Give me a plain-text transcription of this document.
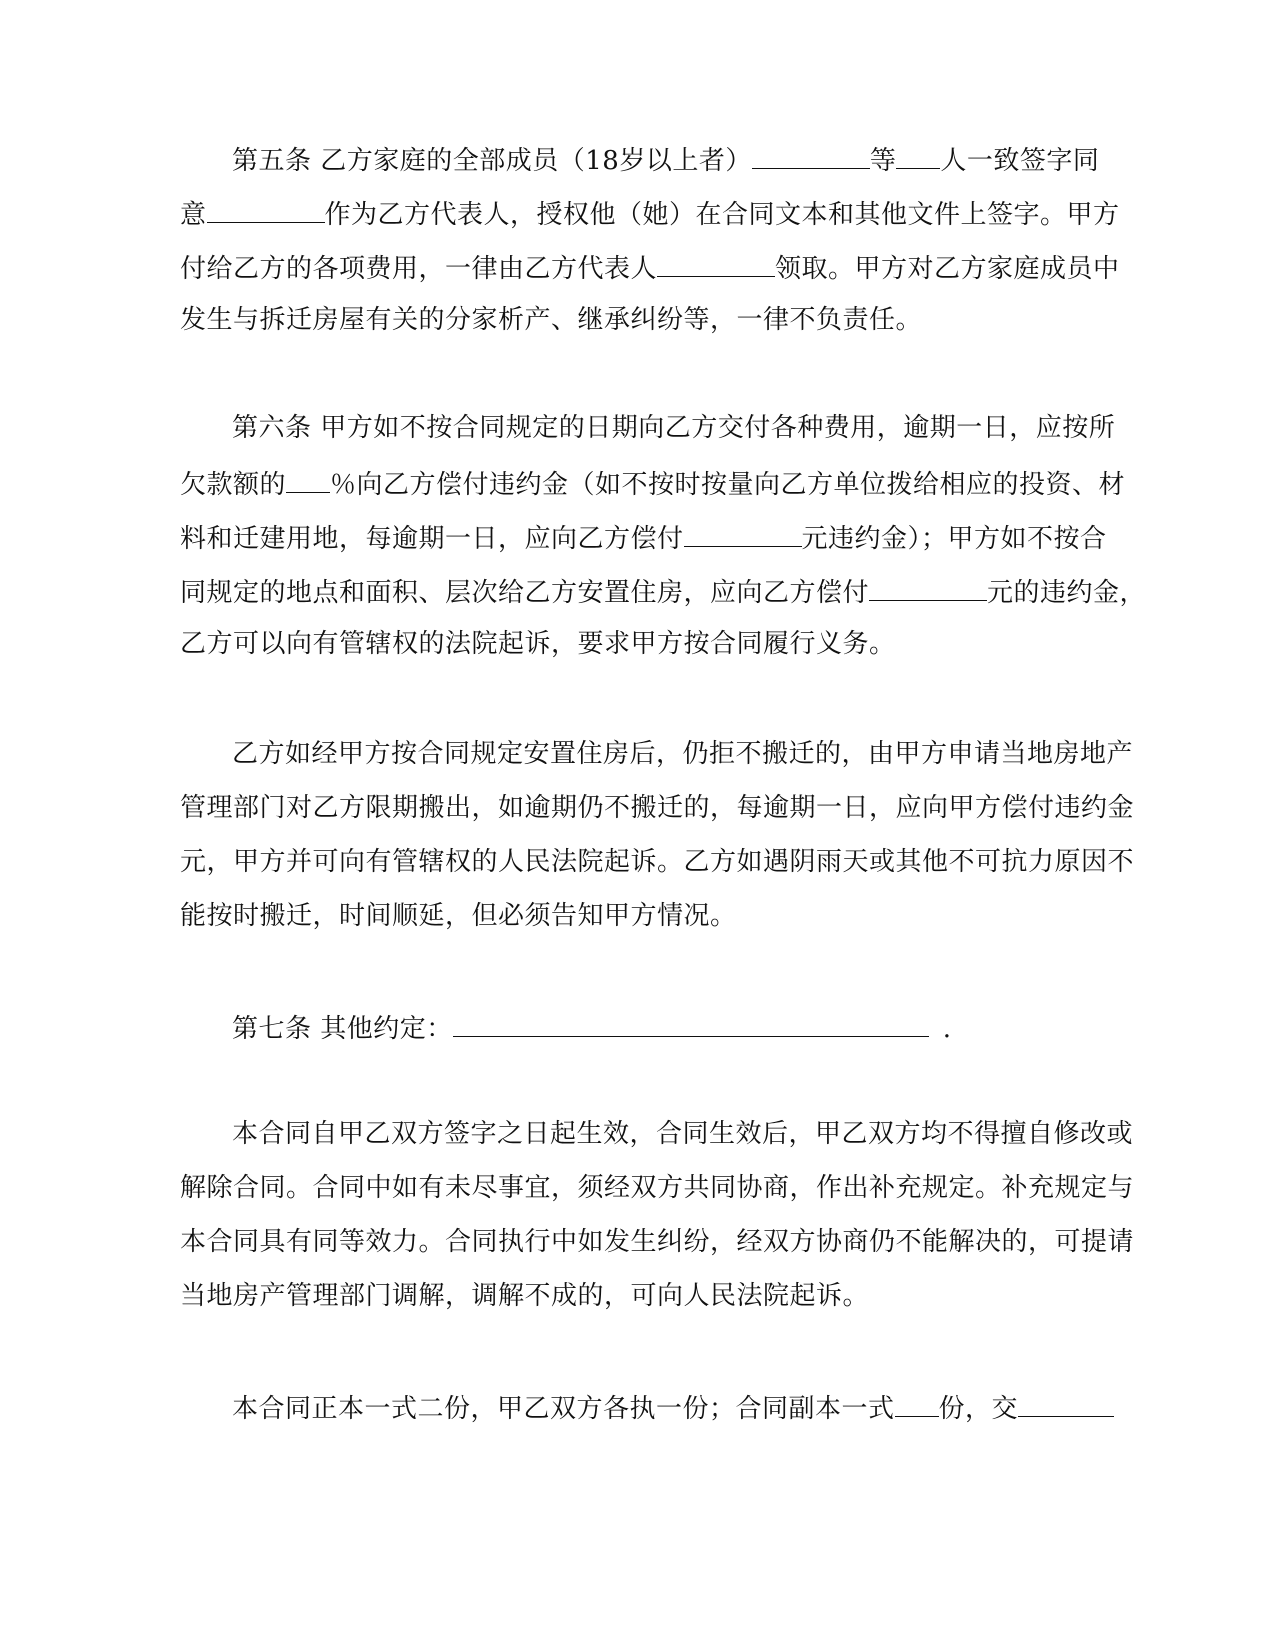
第五条 乙方家庭的全部成员（18岁以上者）	等 人一致签字同
意	作为乙方代表人，授权他（她）在合同文本和其他文件上签字。甲方
付给乙方的各项费用，一律由乙方代表人	领取。甲方对乙方家庭成员中
发生与拆迁房屋有关的分家析产、继承纠纷等，一律不负责任。
第六条 甲方如不按合同规定的日期向乙方交付各种费用，逾期一日，应按所
欠款额的 ％向乙方偿付违约金（如不按时按量向乙方单位拨给相应的投资、材
料和迁建用地，每逾期一日，应向乙方偿付	元违约金）；甲方如不按合
同规定的地点和面积、层次给乙方安置住房，应向乙方偿付	元的违约金，
乙方可以向有管辖权的法院起诉，要求甲方按合同履行义务。
乙方如经甲方按合同规定安置住房后，仍拒不搬迁的，由甲方申请当地房地产
管理部门对乙方限期搬出，如逾期仍不搬迁的，每逾期一日，应向甲方偿付违约金
元，甲方并可向有管辖权的人民法院起诉。乙方如遇阴雨天或其他不可抗力原因不
能按时搬迁，时间顺延，但必须告知甲方情况。
第七条 其他约定：	.
本合同自甲乙双方签字之日起生效，合同生效后，甲乙双方均不得擅自修改或
解除合同。合同中如有未尽事宜，须经双方共同协商，作出补充规定。补充规定与
本合同具有同等效力。合同执行中如发生纠纷，经双方协商仍不能解决的，可提请
当地房产管理部门调解，调解不成的，可向人民法院起诉。
本合同正本一式二份，甲乙双方各执一份；合同副本一式 份，交
